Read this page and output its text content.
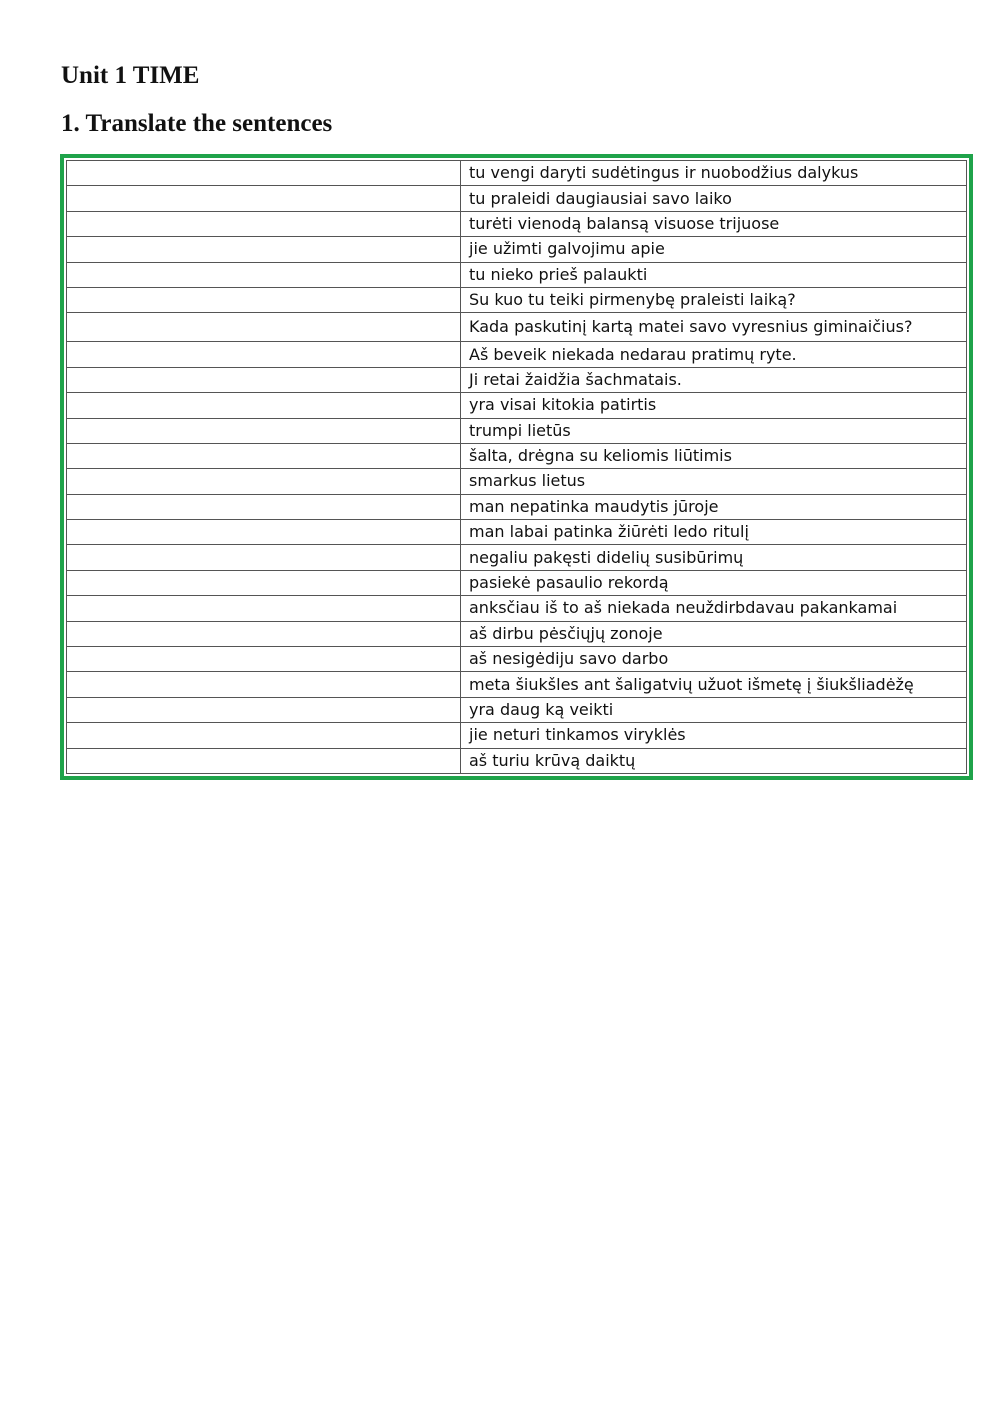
Unit 1 TIME
1. Translate the sentences
	tu vengi daryti sudėtingus ir nuobodžius dalykus

	tu praleidi daugiausiai savo laiko

	turėti vienodą balansą visuose trijuose

	jie užimti galvojimu apie

	tu nieko prieš palaukti

	Su kuo tu teiki pirmenybę praleisti laiką?

	Kada paskutinį kartą matei savo vyresnius giminaičius?

	Aš beveik niekada nedarau pratimų ryte.

	Ji retai žaidžia šachmatais.

	yra visai kitokia patirtis

	trumpi lietūs

	šalta, drėgna su keliomis liūtimis

	smarkus lietus

	man nepatinka maudytis jūroje

	man labai patinka žiūrėti ledo ritulį

	negaliu pakęsti didelių susibūrimų

	pasiekė pasaulio rekordą

	anksčiau iš to aš niekada neuždirbdavau pakankamai

	aš dirbu pėsčiųjų zonoje

	aš nesigėdiju savo darbo

	meta šiukšles ant šaligatvių užuot išmetę į šiukšliadėžę

	yra daug ką veikti

	jie neturi tinkamos viryklės

	aš turiu krūvą daiktų
